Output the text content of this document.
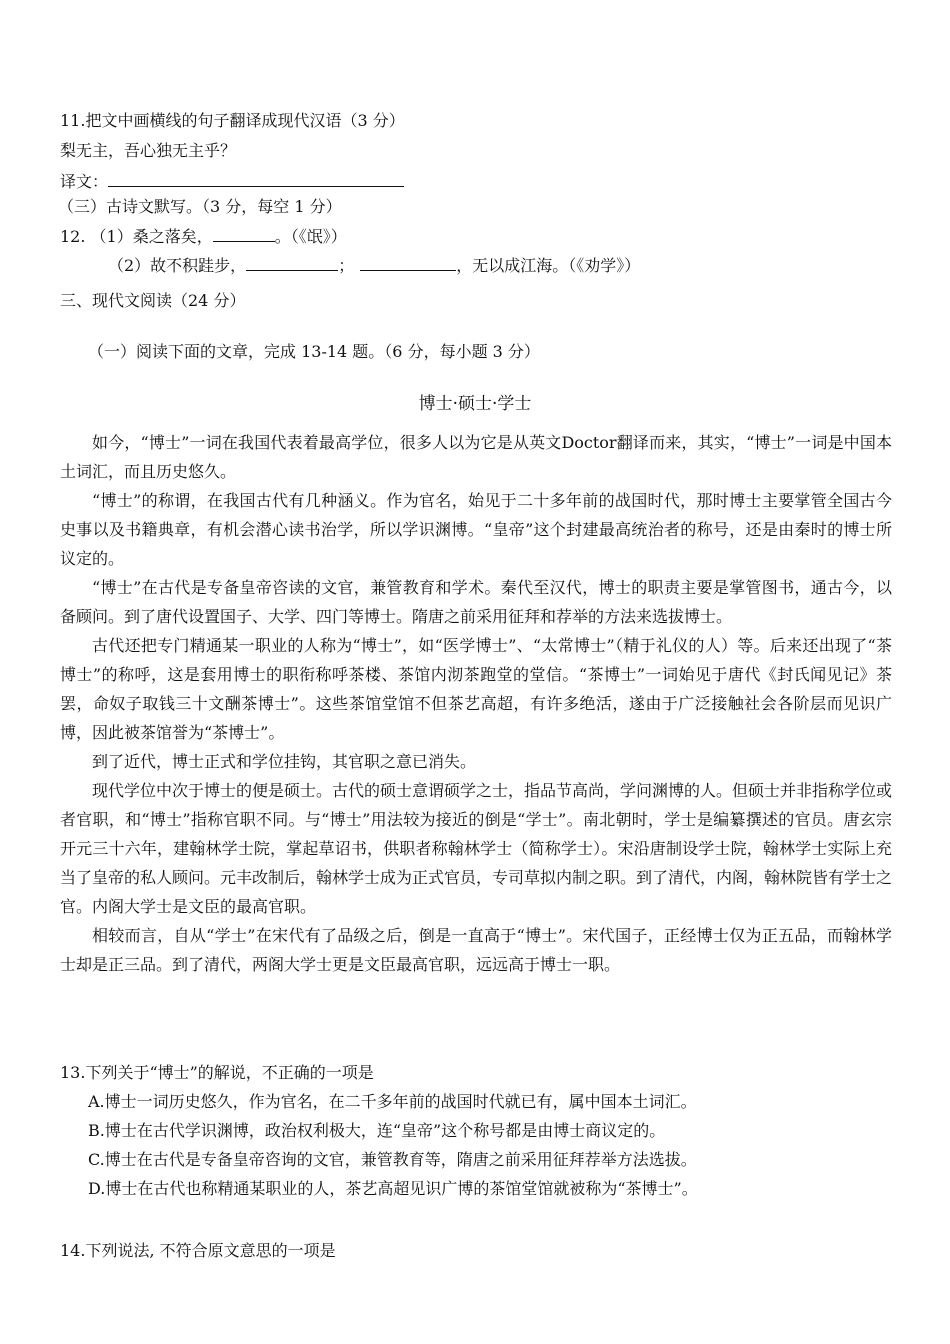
11.把文中画横线的句子翻译成现代汉语（3 分）
梨无主，吾心独无主乎？
译文：
（三）古诗文默写。（3 分，每空 1 分）
12. （1）桑之落矣，	。（《氓》）
（2）故不积跬步，	；	，无以成江海。（《劝学》）
三、现代文阅读（24 分）
（一）阅读下面的文章，完成 13-14 题。（6 分，每小题 3 分）
博士·硕士·学士

如今，“博士”一词在我国代表着最高学位，很多人以为它是从英文Doctor翻译而来，其实，“博士”一词是中国本土词汇，而且历史悠久。

“博士”的称谓，在我国古代有几种涵义。作为官名，始见于二十多年前的战国时代，那时博士主要掌管全国古今史事以及书籍典章，有机会潜心读书治学，所以学识渊博。“皇帝”这个封建最高统治者的称号，还是由秦时的博士所议定的。

“博士”在古代是专备皇帝咨读的文官，兼管教育和学术。秦代至汉代，博士的职责主要是掌管图书，通古今，以备顾问。到了唐代设置国子、大学、四门等博士。隋唐之前采用征拜和荐举的方法来选拔博士。

古代还把专门精通某一职业的人称为“博士”，如“医学博士”、“太常博士”（精于礼仪的人）等。后来还出现了“茶博士”的称呼，这是套用博士的职衔称呼茶楼、茶馆内沏茶跑堂的堂信。“茶博士”一词始见于唐代《封氏闻见记》茶罢，命奴子取钱三十文酬茶博士”。这些茶馆堂馆不但茶艺高超，有许多绝活，遂由于广泛接触社会各阶层而见识广博，因此被茶馆誉为“茶博士”。

到了近代，博士正式和学位挂钩，其官职之意已消失。

现代学位中次于博士的便是硕士。古代的硕士意谓硕学之士，指品节高尚，学问渊博的人。但硕士并非指称学位或者官职，和“博士”指称官职不同。与“博士”用法较为接近的倒是“学士”。南北朝时，学士是编纂撰述的官员。唐玄宗开元三十六年，建翰林学士院，掌起草诏书，供职者称翰林学士（简称学士）。宋沿唐制设学士院，翰林学士实际上充当了皇帝的私人顾问。元丰改制后，翰林学士成为正式官员，专司草拟内制之职。到了清代，内阁，翰林院皆有学士之官。内阁大学士是文臣的最高官职。

相较而言，自从“学士”在宋代有了品级之后，倒是一直高于“博士”。宋代国子，正经博士仅为正五品，而翰林学士却是正三品。到了清代，两阁大学士更是文臣最高官职，远远高于博士一职。

13.下列关于“博士”的解说，不正确的一项是
A.博士一词历史悠久，作为官名，在二千多年前的战国时代就已有，属中国本土词汇。
B.博士在古代学识渊博，政治权利极大，连“皇帝”这个称号都是由博士商议定的。
C.博士在古代是专备皇帝咨询的文官，兼管教育等，隋唐之前采用征拜荐举方法选拔。
D.博士在古代也称精通某职业的人，茶艺高超见识广博的茶馆堂馆就被称为“茶博士”。
14.下列说法, 不符合原文意思的一项是
